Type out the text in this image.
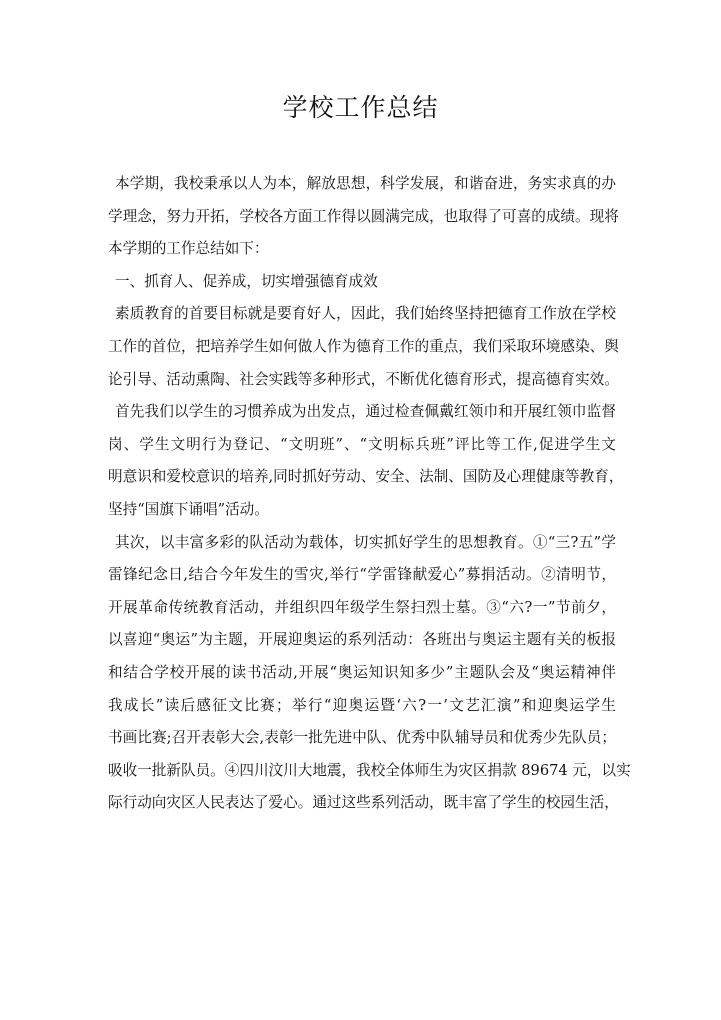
学校工作总结
本学期，我校秉承以人为本，解放思想，科学发展，和谐奋进，务实求真的办
学理念，努力开拓，学校各方面工作得以圆满完成，也取得了可喜的成绩。现将
本学期的工作总结如下：
一、抓育人、促养成，切实增强德育成效
素质教育的首要目标就是要育好人，因此，我们始终坚持把德育工作放在学校
工作的首位，把培养学生如何做人作为德育工作的重点，我们采取环境感染、舆
论引导、活动熏陶、社会实践等多种形式，不断优化德育形式，提高德育实效。
首先我们以学生的习惯养成为出发点，通过检查佩戴红领巾和开展红领巾监督
岗、学生文明行为登记、“文明班”、“文明标兵班”评比等工作,促进学生文
明意识和爱校意识的培养,同时抓好劳动、安全、法制、国防及心理健康等教育，
坚持“国旗下诵唱”活动。
其次，以丰富多彩的队活动为载体，切实抓好学生的思想教育。①“三?五”学
雷锋纪念日,结合今年发生的雪灾,举行“学雷锋献爱心”募捐活动。②清明节，
开展革命传统教育活动，并组织四年级学生祭扫烈士墓。③“六?一”节前夕，
以喜迎“奥运”为主题，开展迎奥运的系列活动：各班出与奥运主题有关的板报
和结合学校开展的读书活动,开展“奥运知识知多少”主题队会及“奥运精神伴
我成长”读后感征文比赛；举行“迎奥运暨‘六?一’文艺汇演”和迎奥运学生
书画比赛;召开表彰大会,表彰一批先进中队、优秀中队辅导员和优秀少先队员；
吸收一批新队员。④四川汶川大地震，我校全体师生为灾区捐款 89674 元，以实
际行动向灾区人民表达了爱心。通过这些系列活动，既丰富了学生的校园生活，
